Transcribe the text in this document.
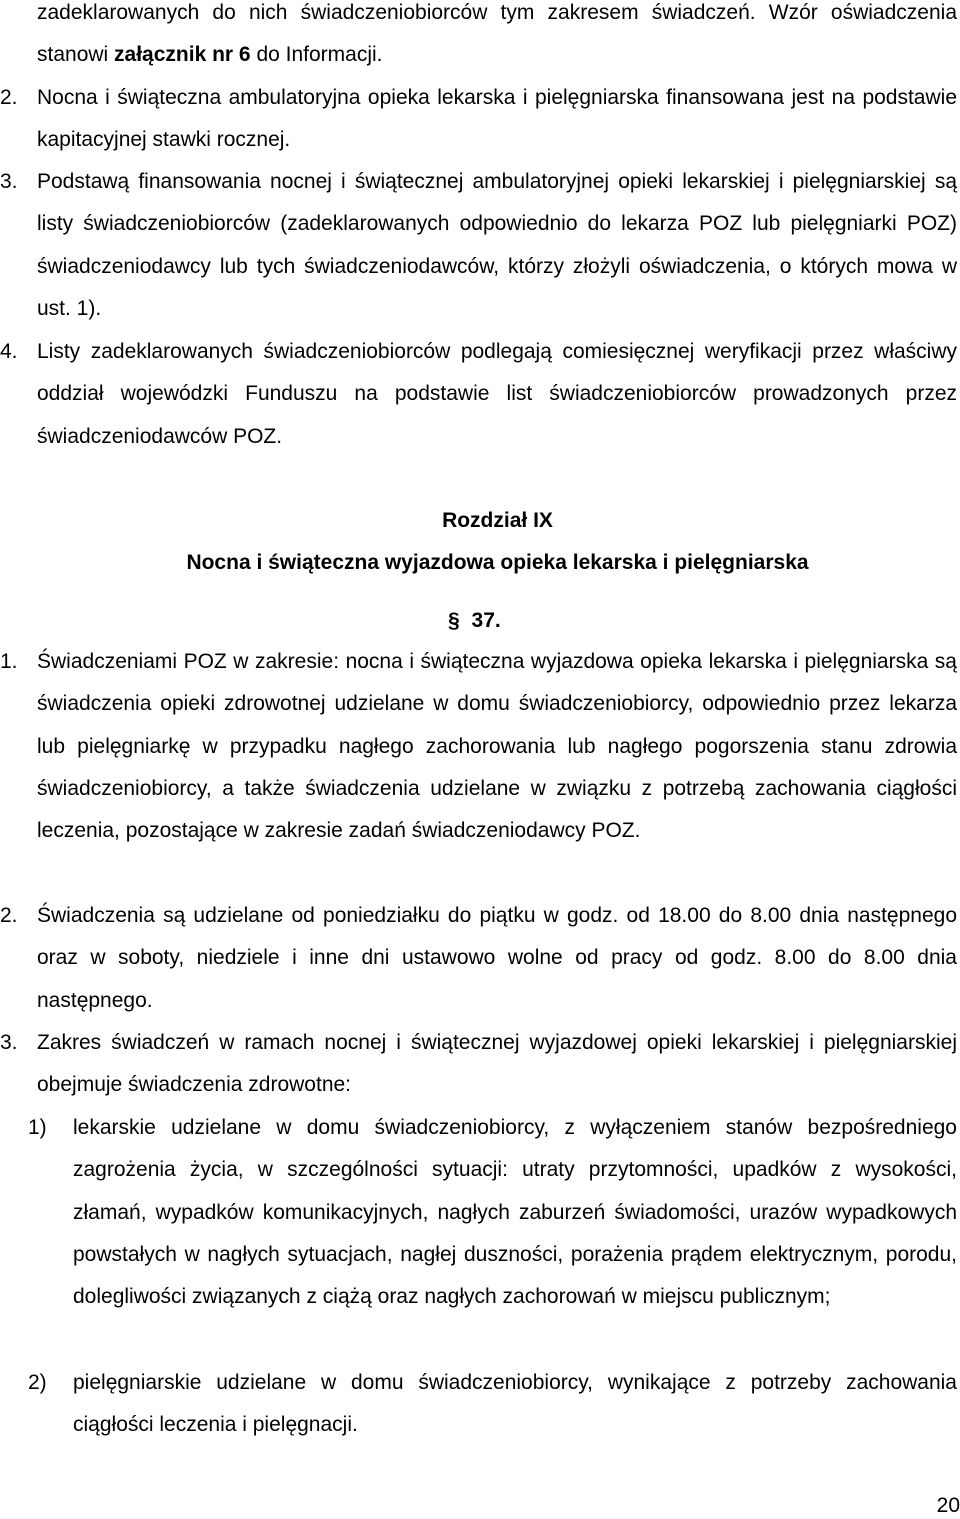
zadeklarowanych do nich świadczeniobiorców tym zakresem świadczeń. Wzór oświadczenia stanowi załącznik nr 6 do Informacji.

2. Nocna i świąteczna ambulatoryjna opieka lekarska i pielęgniarska finansowana jest na podstawie kapitacyjnej stawki rocznej.

3. Podstawą finansowania nocnej i świątecznej ambulatoryjnej opieki lekarskiej i pielęgniarskiej są listy świadczeniobiorców (zadeklarowanych odpowiednio do lekarza POZ lub pielęgniarki POZ) świadczeniodawcy lub tych świadczeniodawców, którzy złożyli oświadczenia, o których mowa w ust. 1).

4. Listy zadeklarowanych świadczeniobiorców podlegają comiesięcznej weryfikacji przez właściwy oddział wojewódzki Funduszu na podstawie list świadczeniobiorców prowadzonych przez świadczeniodawców POZ.

Rozdział IX
Nocna i świąteczna wyjazdowa opieka lekarska i pielęgniarska
§ 37.

1. Świadczeniami POZ w zakresie: nocna i świąteczna wyjazdowa opieka lekarska i pielęgniarska są świadczenia opieki zdrowotnej udzielane w domu świadczeniobiorcy, odpowiednio przez lekarza lub pielęgniarkę w przypadku nagłego zachorowania lub nagłego pogorszenia stanu zdrowia świadczeniobiorcy, a także świadczenia udzielane w związku z potrzebą zachowania ciągłości leczenia, pozostające w zakresie zadań świadczeniodawcy POZ.

2. Świadczenia są udzielane od poniedziałku do piątku w godz. od 18.00 do 8.00 dnia następnego oraz w soboty, niedziele i inne dni ustawowo wolne od pracy od godz. 8.00 do 8.00 dnia następnego.

3. Zakres świadczeń w ramach nocnej i świątecznej wyjazdowej opieki lekarskiej i pielęgniarskiej obejmuje świadczenia zdrowotne:

1) lekarskie udzielane w domu świadczeniobiorcy, z wyłączeniem stanów bezpośredniego zagrożenia życia, w szczególności sytuacji: utraty przytomności, upadków z wysokości, złamań, wypadków komunikacyjnych, nagłych zaburzeń świadomości, urazów wypadkowych powstałych w nagłych sytuacjach, nagłej duszności, porażenia prądem elektrycznym, porodu, dolegliwości związanych z ciążą oraz nagłych zachorowań w miejscu publicznym;

2) pielęgniarskie udzielane w domu świadczeniobiorcy, wynikające z potrzeby zachowania ciągłości leczenia i pielęgnacji.

20
